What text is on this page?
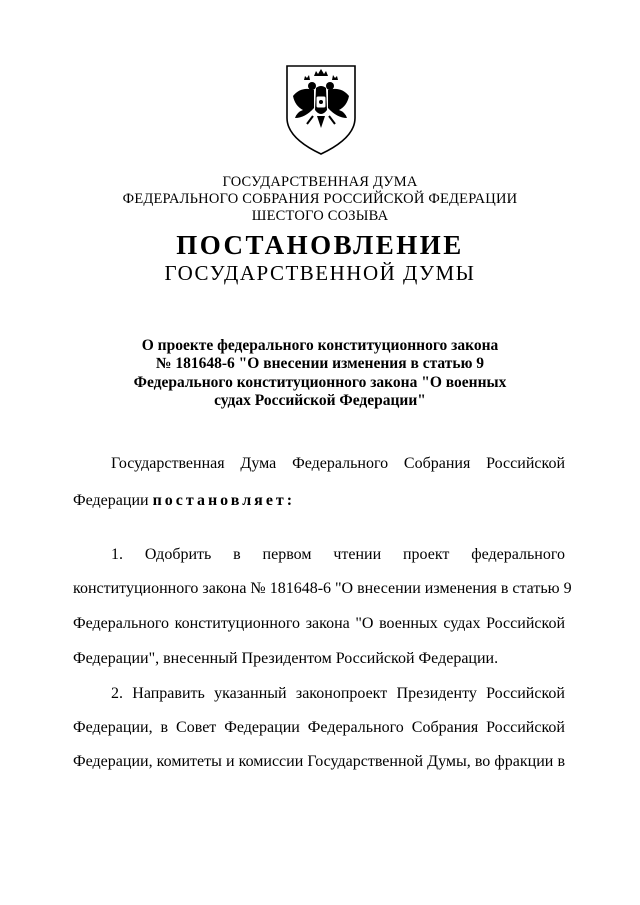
ГОСУДАРСТВЕННАЯ ДУМА
ФЕДЕРАЛЬНОГО СОБРАНИЯ РОССИЙСКОЙ ФЕДЕРАЦИИ
ШЕСТОГО СОЗЫВА
ПОСТАНОВЛЕНИЕ
ГОСУДАРСТВЕННОЙ ДУМЫ
О проекте федерального конституционного закона
№ 181648-6 "О внесении изменения в статью 9
Федерального конституционного закона "О военных
судах Российской Федерации"
Государственная Дума Федерального Собрания Российской
Федерации постановляет:
1. Одобрить в первом чтении проект федерального
конституционного закона № 181648-6 "О внесении изменения в статью 9
Федерального конституционного закона "О военных судах Российской
Федерации", внесенный Президентом Российской Федерации.
2. Направить указанный законопроект Президенту Российской
Федерации, в Совет Федерации Федерального Собрания Российской
Федерации, комитеты и комиссии Государственной Думы, во фракции в
